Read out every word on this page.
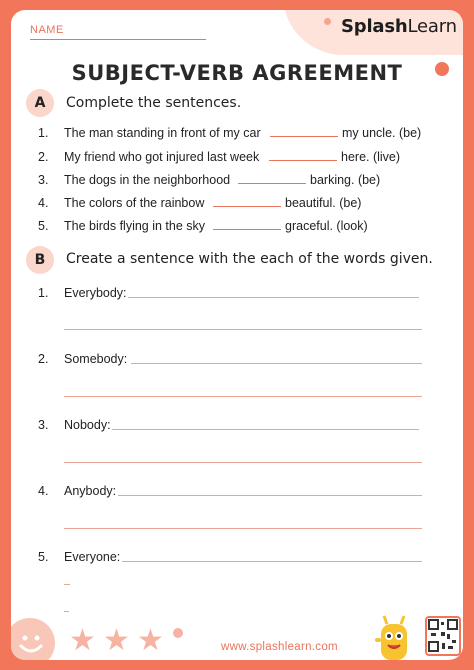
SplashLearn
NAME
SUBJECT-VERB AGREEMENT
A	Complete the sentences.
1.	The man standing in front of my car	my uncle. (be)
2.	My friend who got injured last week	here. (live)
3.	The dogs in the neighborhood	barking. (be)
4.	The colors of the rainbow	beautiful. (be)
5.	The birds flying in the sky	graceful. (look)
B	Create a sentence with the each of the words given.
1.	Everybody:
2.	Somebody:
3.	Nobody:
4.	Anybody:
5.	Everyone:
★ ★ ★	www.splashlearn.com
